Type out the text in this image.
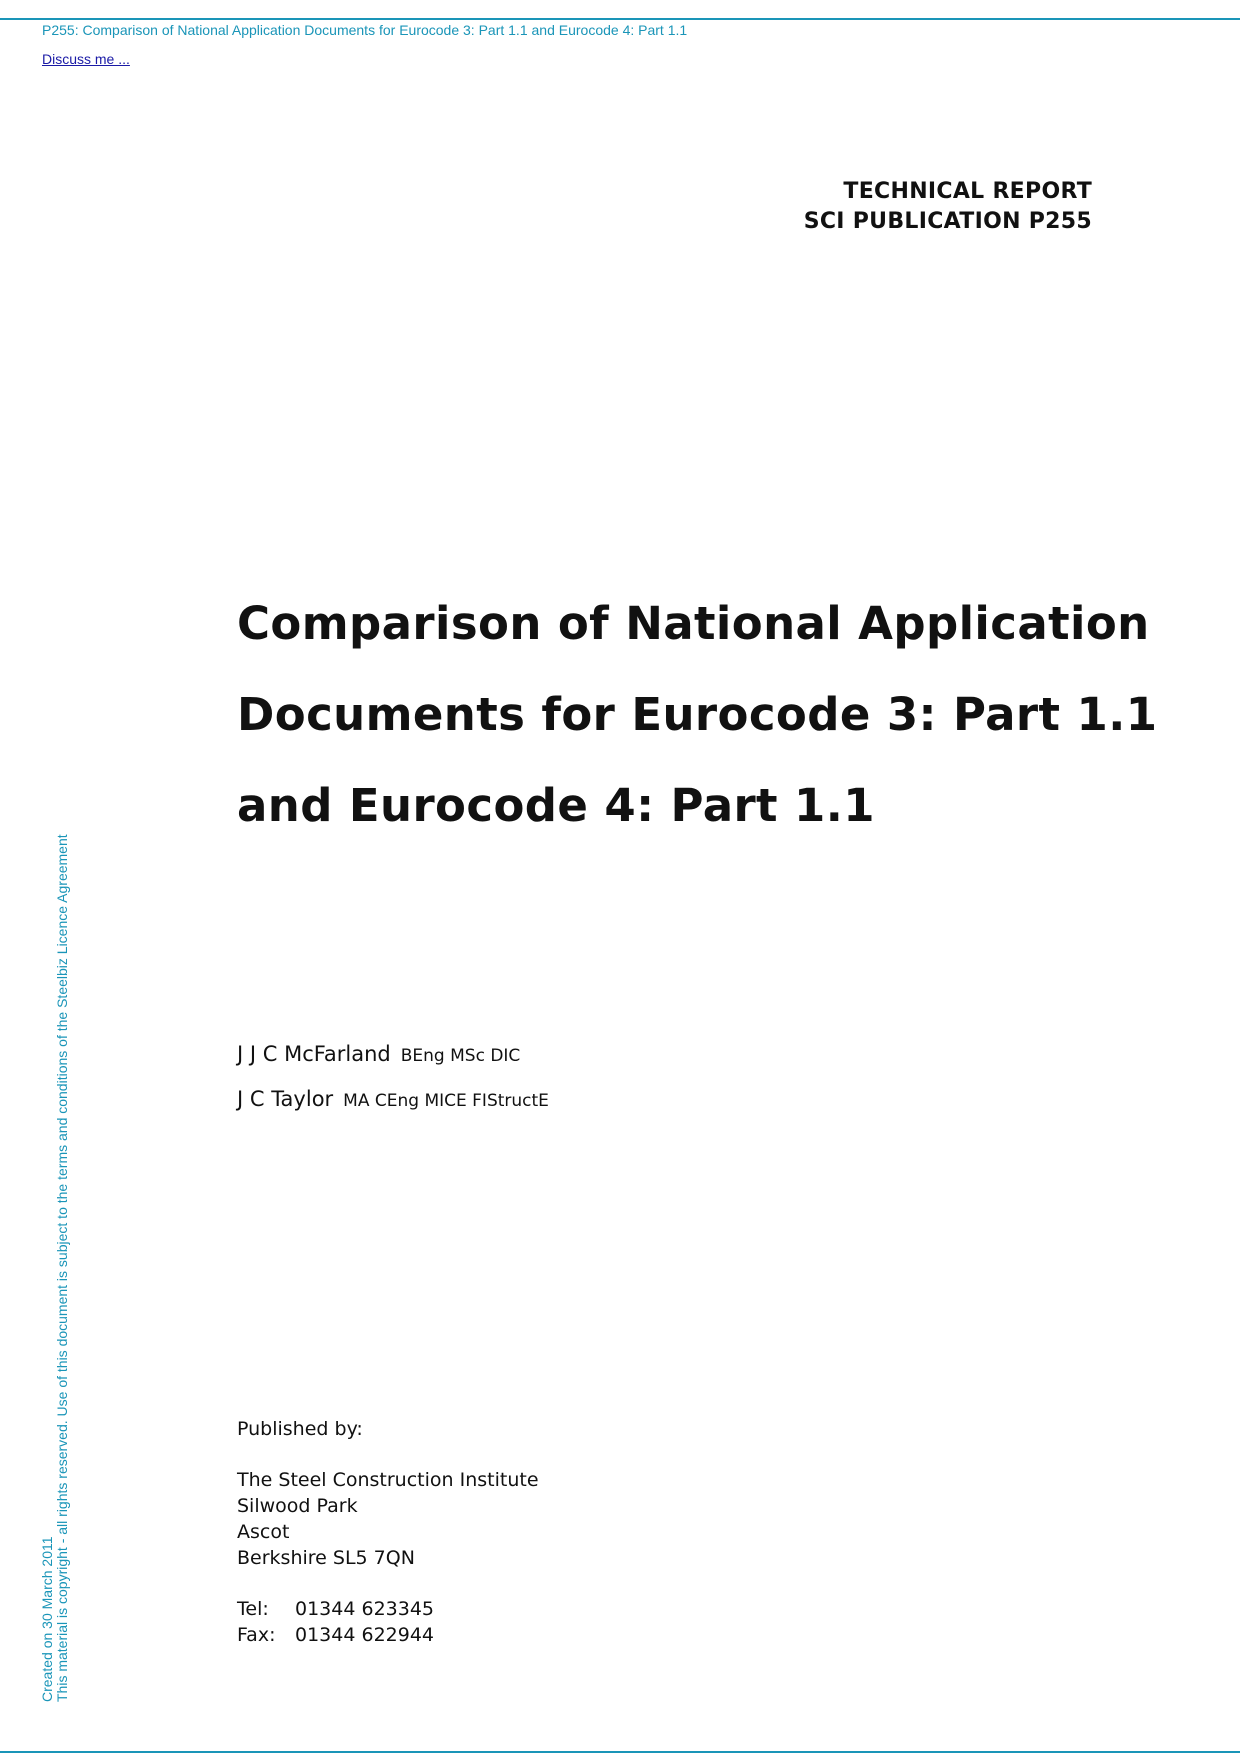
P255: Comparison of National Application Documents for Eurocode 3: Part 1.1 and Eurocode 4: Part 1.1
Discuss me ...
TECHNICAL REPORT
SCI PUBLICATION P255
Comparison of National Application
Documents for Eurocode 3: Part 1.1
and Eurocode 4: Part 1.1
J J C McFarland BEng MSc DIC
J C Taylor MA CEng MICE FIStructE
Published by:
The Steel Construction Institute
Silwood Park
Ascot
Berkshire SL5 7QN
Tel: 01344 623345
Fax: 01344 622944
Created on 30 March 2011 This material is copyright - all rights reserved. Use of this document is subject to the terms and conditions of the Steelbiz Licence Agreement
